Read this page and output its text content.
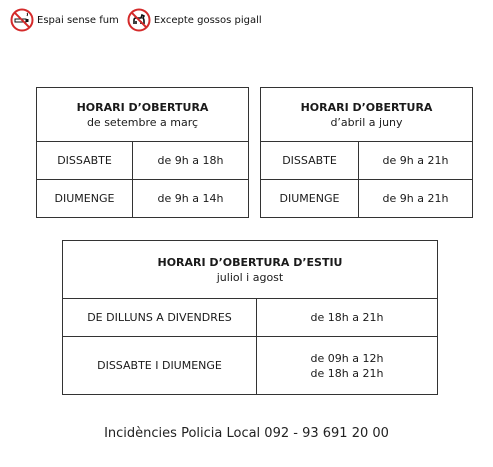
Espai sense fum	Excepte gossos pigall
HORARI D’OBERTURA
de setembre a març	

DISSABTE	de 9h a 18h
DIUMENGE	de 9h a 14h
HORARI D’OBERTURA
d’abril a juny	

DISSABTE	de 9h a 21h
DIUMENGE	de 9h a 21h
HORARI D’OBERTURA D’ESTIU
juliol i agost	

DE DILLUNS A DIVENDRES	de 18h a 21h
DISSABTE I DIUMENGE	de 09h a 12h
de 18h a 21h
Incidències Policia Local 092 - 93 691 20 00
